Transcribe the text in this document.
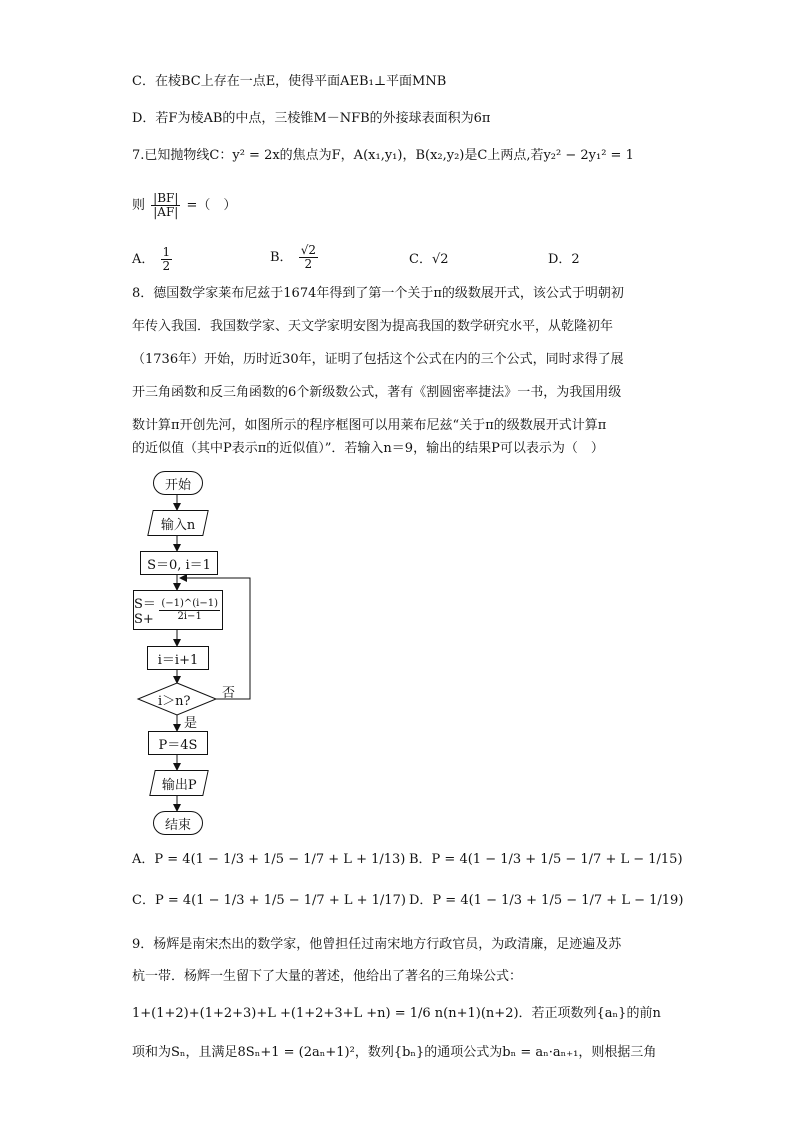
C．在棱BC上存在一点E，使得平面AEB₁⊥平面MNB
D．若F为棱AB的中点，三棱锥M－NFB的外接球表面积为6π
7.已知抛物线C：y² = 2x的焦点为F，A(x₁,y₁)，B(x₂,y₂)是C上两点,若y₂² − 2y₁² = 1
则 $\frac{|BF|}{|AF|}$ =（　）
A． $\frac{1}{2}$	B． $\frac{√2}{2}$	C．√2	D．2
8．德国数学家莱布尼兹于1674年得到了第一个关于π的级数展开式，该公式于明朝初
年传入我国．我国数学家、天文学家明安图为提高我国的数学研究水平，从乾隆初年
（1736年）开始，历时近30年，证明了包括这个公式在内的三个公式，同时求得了展
开三角函数和反三角函数的6个新级数公式，著有《割圆密率捷法》一书，为我国用级
数计算π开创先河，如图所示的程序框图可以用莱布尼兹“关于π的级数展开式计算π
的近似值（其中P表示π的近似值）”．若输入n＝9，输出的结果P可以表示为（　）
开始
输入n
S＝0, i＝1
$S=S+ \frac{(-1)\^{}(i-1)}{2i-1}$
i＝i+1
i＞n?
否
是
P＝4S
输出P
结束
A．P = 4(1 − 1/3 + 1/5 − 1/7 + L + 1/13) B．P = 4(1 − 1/3 + 1/5 − 1/7 + L − 1/15)
C．P = 4(1 − 1/3 + 1/5 − 1/7 + L + 1/17) D．P = 4(1 − 1/3 + 1/5 − 1/7 + L − 1/19)
9．杨辉是南宋杰出的数学家，他曾担任过南宋地方行政官员，为政清廉，足迹遍及苏
杭一带．杨辉一生留下了大量的著述，他给出了著名的三角垛公式：
1+(1+2)+(1+2+3)+L +(1+2+3+L +n) = 1/6 n(n+1)(n+2)．若正项数列{aₙ}的前n
项和为Sₙ，且满足8Sₙ+1 = (2aₙ+1)²，数列{bₙ}的通项公式为bₙ = aₙ·aₙ₊₁，则根据三角
